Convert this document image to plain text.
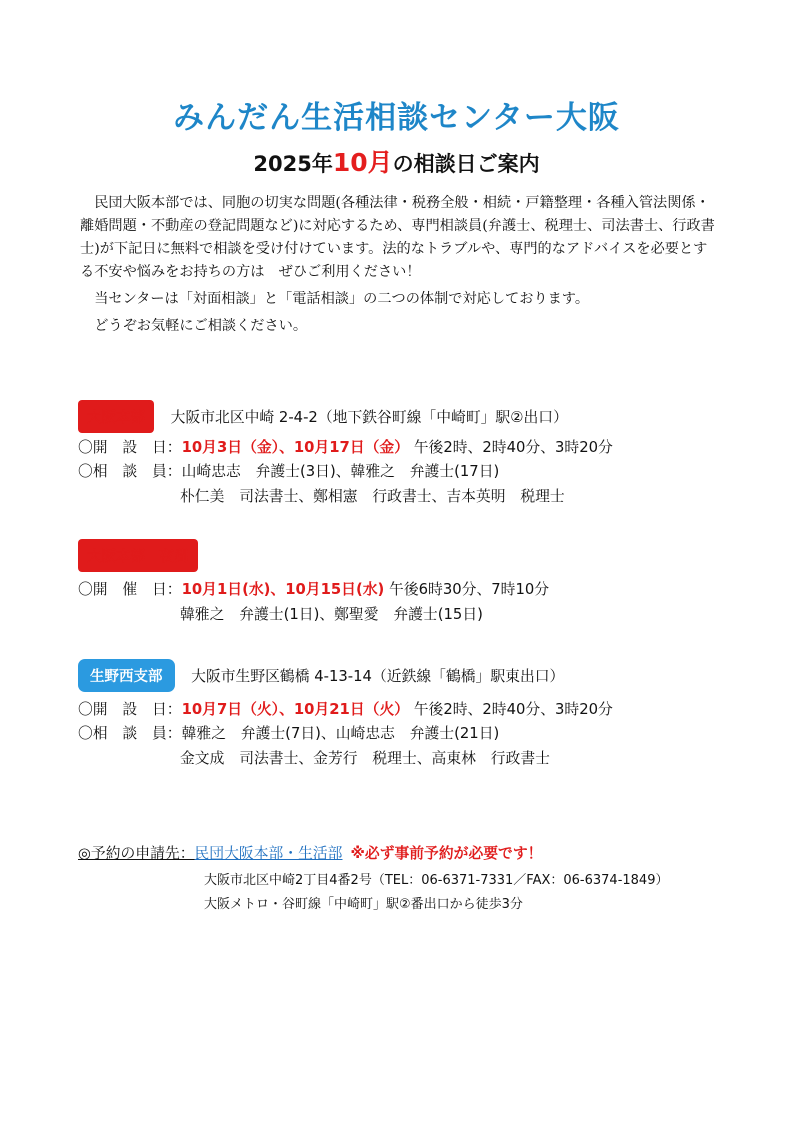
みんだん生活相談センター大阪
2025年10月の相談日ご案内

民団大阪本部では、同胞の切実な問題(各種法律・税務全般・相続・戸籍整理・各種入管法関係・離婚問題・不動産の登記問題など)に対応するため、専門相談員(弁護士、税理士、司法書士、行政書士)が下記日に無料で相談を受け付けています。法的なトラブルや、専門的なアドバイスを必要とする不安や悩みをお持ちの方は　ぜひご利用ください！

当センターは「対面相談」と「電話相談」の二つの体制で対応しております。

どうぞお気軽にご相談ください。

大阪本部 大阪市北区中崎 2-4-2（地下鉄谷町線「中崎町」駅②出口）
〇開　設　日：10月3日（金）、10月17日（金） 午後2時、2時40分、3時20分
〇相　談　員：山崎忠志　弁護士(3日)、韓雅之　弁護士(17日)
朴仁美　司法書士、鄭相憲　行政書士、吉本英明　税理士
大阪本部　夜間
〇開　催　日：10月1日(水)、10月15日(水) 午後6時30分、7時10分
韓雅之　弁護士(1日)、鄭聖愛　弁護士(15日)
生野西支部 大阪市生野区鶴橋 4-13-14（近鉄線「鶴橋」駅東出口）
〇開　設　日：10月7日（火）、10月21日（火） 午後2時、2時40分、3時20分
〇相　談　員：韓雅之　弁護士(7日)、山崎忠志　弁護士(21日)
金文成　司法書士、金芳行　税理士、高東林　行政書士
◎予約の申請先：民団大阪本部・生活部 ※必ず事前予約が必要です！
大阪市北区中崎2丁目4番2号（TEL：06-6371-7331／FAX：06-6374-1849）
大阪メトロ・谷町線「中崎町」駅②番出口から徒歩3分
